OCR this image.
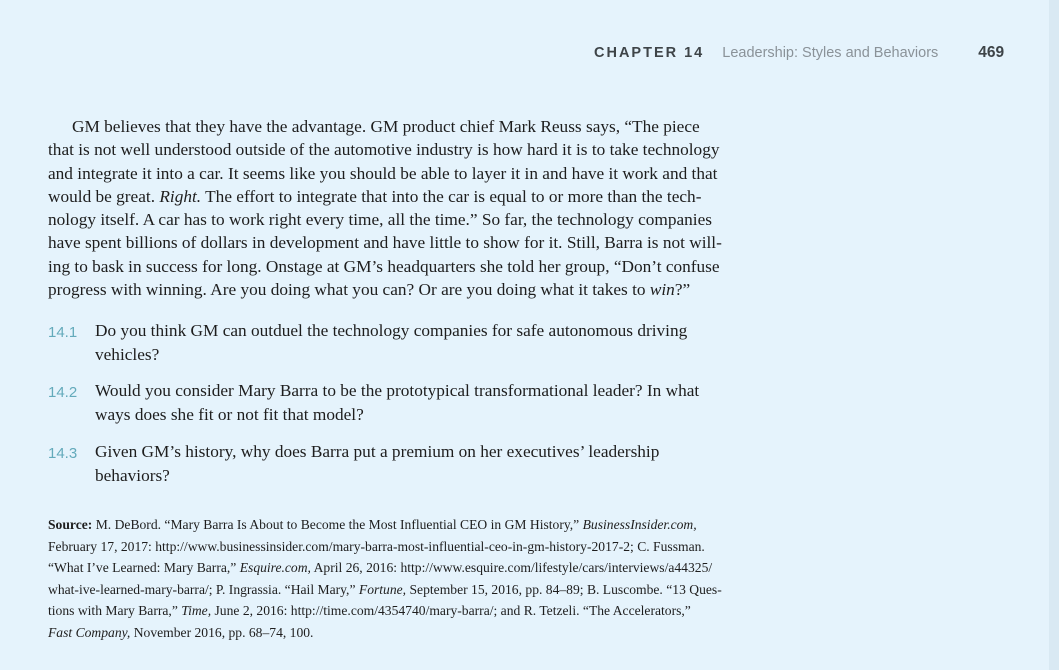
CHAPTER 14 Leadership: Styles and Behaviors	469
GM believes that they have the advantage. GM product chief Mark Reuss says, “The piece
that is not well understood outside of the automotive industry is how hard it is to take technology
and integrate it into a car. It seems like you should be able to layer it in and have it work and that
would be great. Right. The effort to integrate that into the car is equal to or more than the tech-
nology itself. A car has to work right every time, all the time.” So far, the technology companies
have spent billions of dollars in development and have little to show for it. Still, Barra is not will-
ing to bask in success for long. Onstage at GM’s headquarters she told her group, “Don’t confuse
progress with winning. Are you doing what you can? Or are you doing what it takes to win?”
14.1	Do you think GM can outduel the technology companies for safe autonomous driving
vehicles?
14.2	Would you consider Mary Barra to be the prototypical transformational leader? In what
ways does she fit or not fit that model?
14.3	Given GM’s history, why does Barra put a premium on her executives’ leadership
behaviors?
Source: M. DeBord. “Mary Barra Is About to Become the Most Influential CEO in GM History,” BusinessInsider.com,
February 17, 2017: http://www.businessinsider.com/mary-barra-most-influential-ceo-in-gm-history-2017-2; C. Fussman.
“What I’ve Learned: Mary Barra,” Esquire.com, April 26, 2016: http://www.esquire.com/lifestyle/cars/interviews/a44325/
what-ive-learned-mary-barra/; P. Ingrassia. “Hail Mary,” Fortune, September 15, 2016, pp. 84–89; B. Luscombe. “13 Ques-
tions with Mary Barra,” Time, June 2, 2016: http://time.com/4354740/mary-barra/; and R. Tetzeli. “The Accelerators,”
Fast Company, November 2016, pp. 68–74, 100.
